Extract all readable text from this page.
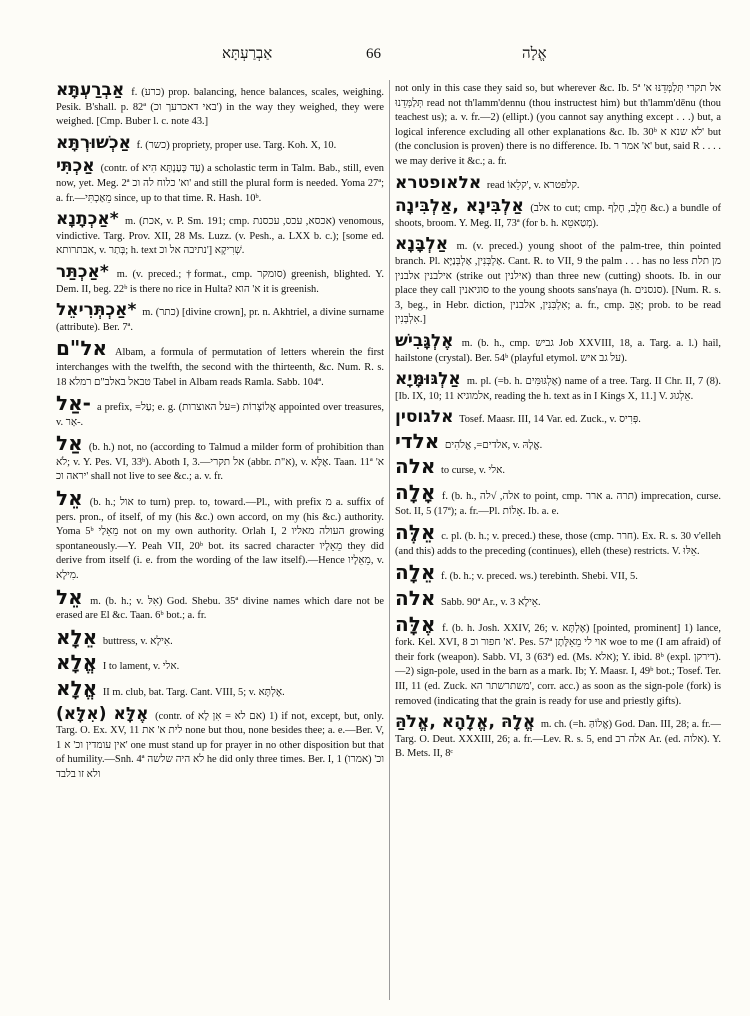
אַבְרַעְתָּא	66	אֱלָה
אַבְרַעְתָּא f. (כרע) prop. balancing, hence balances, scales, weighing. Pesik. B'shall. p. 82ª (באי דאכרעך וכ') in the way they weighed, they were weighed. [Cmp. Buber l. c. note 43.]
אַכְשׁוּרְתָּא f. (כשר) propriety, proper use. Targ. Koh. X, 10.
אַכְתִּי (contr. of עַד כְּעַנְתָּא הִיא) a scholastic term in Talm. Bab., still, even now, yet. Meg. 2ª וא' כלוח לה וכ' and still the plural form is needed. Yoma 27ª; a. fr.—מֵאַכְתִּי since, up to that time. R. Hash. 10ᵇ.
*אַכְתָנָא m. (אכת, v. P. Sm. 191; cmp. אכסא, עכס, עכסנת) venomous, vindictive. Targ. Prov. XII, 28 Ms. Luzz. (v. Pesh., a. LXX b. c.); [some ed. אבתרותא, v. בְּתַר; h. text נתיבה אל וכ'] שְׁרִיקָא.
*אַכְתַּר m. (v. preced.; †format., cmp. סומקר) greenish, blighted. Y. Dem. II, beg. 22ᵇ is there no rice in Hulta? א' הוא it is greenish.
*אַכְתְּרִיאֵל m. (כתר) [divine crown], pr. n. Akhtriel, a divine surname (attribute). Ber. 7ª.
אל"ם Albam, a formula of permutation of letters wherein the first interchanges with the twelfth, the second with the thirteenth, &c. Num. R. s. 18 טבאל באלב"ם רמלא Tabel in Albam reads Ramla. Sabb. 104ª.
-אַל a prefix, =עַל; e. g. אֲלוֹצְרוֹת (=על האוצרות) appointed over treasures, v. אַר-.
אַל (b. h.) not, no (according to Talmud a milder form of prohibition than לֹא; v. Y. Pes. VI, 33ᵇ). Aboth I, 3.—אל תקרי (abbr. א"ת), v. אֶלָּא. Taan. 11ª א' יראה וכ' shall not live to see &c.; a. v. fr.
אֵל (b. h.; אול to turn) prep. to, toward.—Pl., with prefix מ a. suffix of pers. pron., of itself, of my (his &c.) own accord, on my (his &c.) authority. Yoma 5ᵇ מֵאֵלַי not on my own authority. Orlah I, 2 העולה מאליו growing spontaneously.—Y. Peah VII, 20ᵇ bot. its sacred character מֵאֵלָיו they did derive from itself (i. e. from the wording of the law itself).—Hence מֵאֵלָיו, v. מִילָא.
אֵל m. (b. h.; v. אִלּ) God. Shebu. 35ª divine names which dare not be erased are El &c. Taan. 6ᵇ bot.; a. fr.
אֵלָא buttress, v. אִילָא.
אֱלָא I to lament, v. אלי.
אֱלָא II m. club, bat. Targ. Cant. VIII, 5; v. אֶלְתָּא.
אֶלָּא (אִלָּא) (contr. of אם לא = אִן לָא) 1) if not, except, but, only. Targ. O. Ex. XV, 11 לית א' את none but thou, none besides thee; a. e.—Ber. V, 1 אין עומדין וכ' א' one must stand up for prayer in no other disposition but that of humility.—Snh. 4ª לא היה שלשה he did only three times. Ber. I, 1 (אמרו) וכ' ולא זו בלבד
not only in this case they said so, but wherever &c. Ib. 5ª אל תקרי תְּלַמְּדֵנּוּ א' תְּלַמְּדֵנוּ read not th'lamm'dennu (thou instructest him) but th'lamm'dēnu (thou teachest us); a. v. fr.—2) (ellipt.) (you cannot say anything except . . .) but, a logical inference excluding all other explanations &c. Ib. 30ᵇ לא שנא א' but (the conclusion is proven) there is no difference. Ib. א' אמר ר' but, said R . . . . we may derive it &c.; a. fr.
אלאופטרא read קלֵאוֹ', v. קלפטרא.
אַלְבִּינָא ,אַלְבִּינָה (אלב to cut; cmp. חֵלֶב, חָלַף &c.) a bundle of shoots, broom. Y. Meg. II, 73ª (for b. h. מְטַאטֵא).
אַלְבָּנָא m. (v. preced.) young shoot of the palm-tree, thin pointed branch. Pl. אַלְבְּנִין, אַלְבְּנַיָּא. Cant. R. to VII, 9 the palm . . . has no less מן תלת אילבנין אלבנין (strike out אילנין) than three new (cutting) shoots. Ib. in our place they call סוגיאנין to the young shoots sans'naya (h. סנסנים). [Num. R. s. 3, beg., in Hebr. diction, אִלְבִּנִין, אלבנין; a. fr., cmp. אֵבִּ; prob. to be read אִלְבְּנִין.]
אֶלְגָּבִישׁ m. (b. h., cmp. גביש Job XXVIII, 18, a. Targ. a. l.) hail, hailstone (crystal). Ber. 54ᵇ (playful etymol. על גב איש).
אַלְגּוּמָּיָא m. pl. (=b. h. אַלְגּוּמִּים) name of a tree. Targ. II Chr. II, 7 (8). [Ib. IX, 10; 11 אלמוגיא, reading the h. text as in I Kings X, 11.] V. אֵלְגוּג.
אלגוסין Tosef. Maasr. III, 14 Var. ed. Zuck., v. פְּרִיס.
אלדי אלדים=, אֱלֹהִים, v. אֱלָהּ.
אלה to curse, v. אלי.
אָלָה f. (b. h., אלה, √לה to point, cmp. ארר a. תרה) imprecation, curse. Sot. II, 5 (17ª); a. fr.—Pl. אָלוֹת. Ib. a. e.
אֵלֶּה c. pl. (b. h.; v. preced.) these, those (cmp. חרר). Ex. R. s. 30 v'elleh (and this) adds to the preceding (continues), elleh (these) restricts. V. אֵלּוּ.
אֵלָה f. (b. h.; v. preced. ws.) terebinth. Shebi. VII, 5.
אלה Sabb. 90ª Ar., v. אֵילָא 3.
אֶלָּה f. (b. h. Josh. XXIV, 26; v. אֶלְתָּא) [pointed, prominent] 1) lance, fork. Kel. XVI, 8 א' חפור וכ'. Pes. 57ª אוי לי מֵאֵלָּתָן woe to me (I am afraid) of their fork (weapon). Sabb. VI, 3 (63ª) ed. (Ms. אלא); Y. ibid. 8ᵇ (expl. דירקן).—2) sign-pole, used in the barn as a mark. Ib; Y. Maasr. I, 49ᵇ bot.; Tosef. Ter. III, 11 (ed. Zuck. משתרשתר הא', corr. acc.) as soon as the sign-pole (fork) is removed (indicating that the grain is ready for use and priestly gifts).
אֱלָהּ ,אֱלָהָא ,אֱלֹהַּ m. ch. (=h. אֱלוֹהַּ) God. Dan. III, 28; a. fr.—Targ. O. Deut. XXXIII, 26; a. fr.—Lev. R. s. 5, end אלה רב Ar. (ed. אלוה). Y. B. Mets. II, 8ᶜ
